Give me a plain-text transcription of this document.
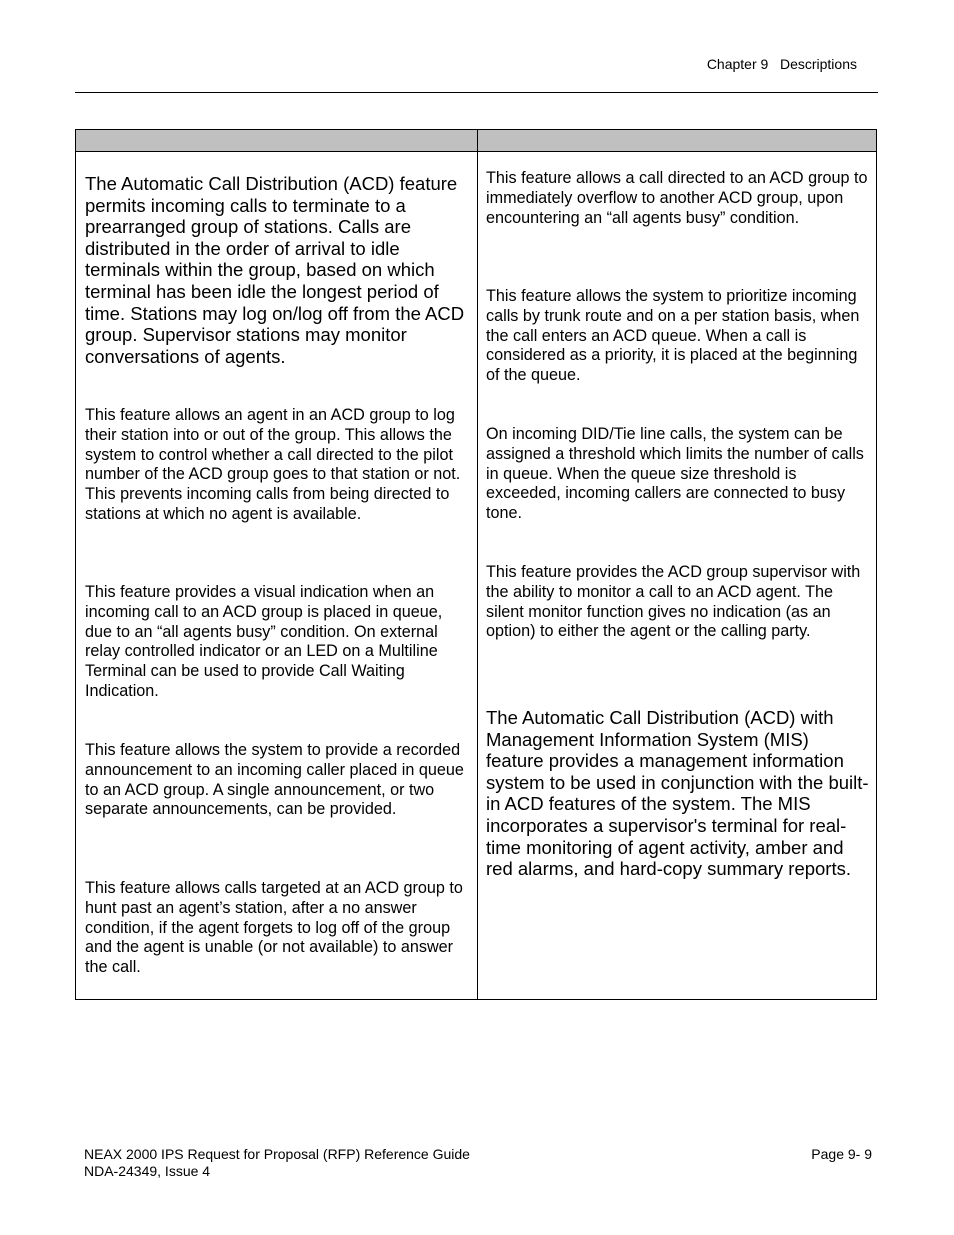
Chapter 9   Descriptions

The Automatic Call Distribution (ACD) feature permits incoming calls to terminate to a prearranged group of stations. Calls are distributed in the order of arrival to idle terminals within the group, based on which terminal has been idle the longest period of time. Stations may log on/log off from the ACD group. Supervisor stations may monitor conversations of agents.

This feature allows an agent in an ACD group to log their station into or out of the group. This allows the system to control whether a call directed to the pilot number of the ACD group goes to that station or not. This prevents incoming calls from being directed to stations at which no agent is available.

This feature provides a visual indication when an incoming call to an ACD group is placed in queue, due to an “all agents busy” condition. On external relay controlled indicator or an LED on a Multiline Terminal can be used to provide Call Waiting Indication.

This feature allows the system to provide a recorded announcement to an incoming caller placed in queue to an ACD group. A single announcement, or two separate announcements, can be provided.

This feature allows calls targeted at an ACD group to hunt past an agent’s station, after a no answer condition, if the agent forgets to log off of the group and the agent is unable (or not available) to answer the call.

This feature allows a call directed to an ACD group to immediately overflow to another ACD group, upon encountering an “all agents busy” condition.

This feature allows the system to prioritize incoming calls by trunk route and on a per station basis, when the call enters an ACD queue. When a call is considered as a priority, it is placed at the beginning of the queue.

On incoming DID/Tie line calls, the system can be assigned a threshold which limits the number of calls in queue. When the queue size threshold is exceeded, incoming callers are connected to busy tone.

This feature provides the ACD group supervisor with the ability to monitor a call to an ACD agent. The silent monitor function gives no indication (as an option) to either the agent or the calling party.

The Automatic Call Distribution (ACD) with Management Information System (MIS) feature provides a management information system to be used in conjunction with the built-in ACD features of the system. The MIS incorporates a supervisor's terminal for real-time monitoring of agent activity, amber and red alarms, and hard-copy summary reports.

NEAX 2000 IPS Request for Proposal (RFP) Reference Guide
NDA-24349, Issue 4
Page 9- 9
